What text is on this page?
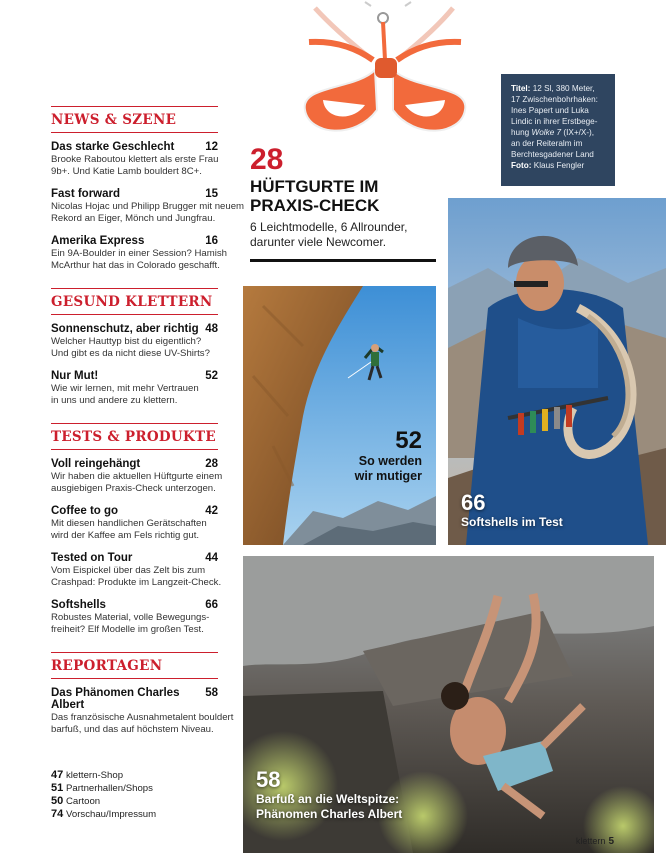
NEWS & SZENE
Das starke Geschlecht	12
Brooke Raboutou klettert als erste Frau
9b+. Und Katie Lamb bouldert 8C+.
Fast forward	15
Nicolas Hojac und Philipp Brugger mit neuem
Rekord an Eiger, Mönch und Jungfrau.
Amerika Express	16
Ein 9A-Boulder in einer Session? Hamish
McArthur hat das in Colorado geschafft.
GESUND KLETTERN
Sonnenschutz, aber richtig 48
Welcher Hauttyp bist du eigentlich?
Und gibt es da nicht diese UV-Shirts?
Nur Mut!	52
Wie wir lernen, mit mehr Vertrauen
in uns und andere zu klettern.
TESTS & PRODUKTE
Voll reingehängt	28
Wir haben die aktuellen Hüftgurte einem
ausgiebigen Praxis-Check unterzogen.
Coffee to go	42
Mit diesen handlichen Gerätschaften
wird der Kaffee am Fels richtig gut.
Tested on Tour	44
Vom Eispickel über das Zelt bis zum
Crashpad: Produkte im Langzeit-Check.
Softshells	66
Robustes Material, volle Bewegungs-
freiheit? Elf Modelle im großen Test.
REPORTAGEN
Das Phänomen Charles Albert
58
Das französische Ausnahmetalent bouldert
barfuß, und das auf höchstem Niveau.
47 klettern-Shop
51 Partnerhallen/Shops
50 Cartoon
74 Vorschau/Impressum
28
HÜFTGURTE IM
PRAXIS-CHECK
6 Leichtmodelle, 6 Allrounder,
darunter viele Newcomer.
Titel: 12 Sl, 380 Meter,
17 Zwischenbohrhaken:
Ines Papert und Luka
Lindic in ihrer Erstbege-
hung Wolke 7 (IX+/X-),
an der Reiteralm im
Berchtesgadener Land
Foto: Klaus Fengler
52
So werden
wir mutiger
66
Softshells im Test
58
Barfuß an die Weltspitze:
Phänomen Charles Albert
klettern 5
